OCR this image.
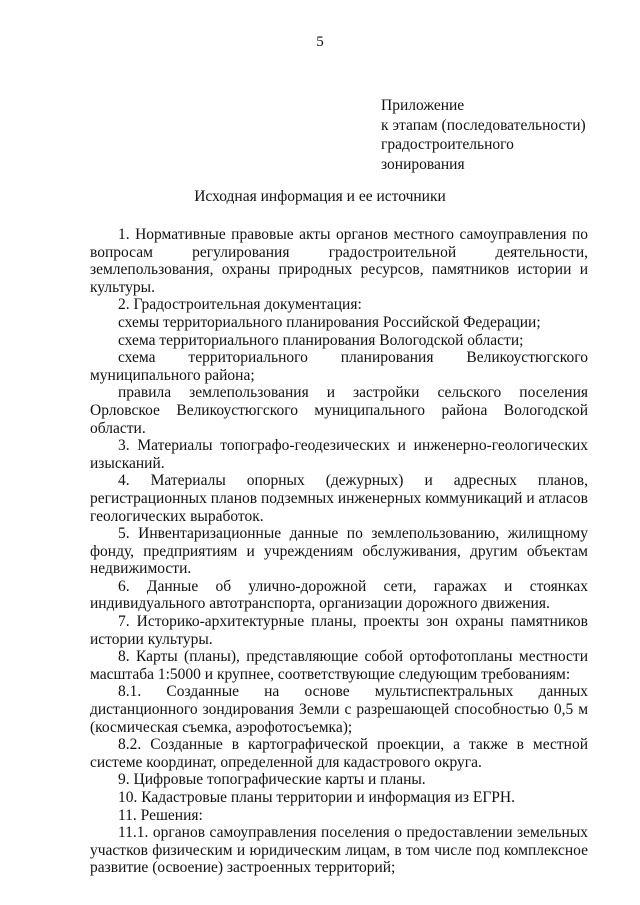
5
Приложение
к этапам (последовательности)
градостроительного
зонирования
Исходная информация и ее источники

1. Нормативные правовые акты органов местного самоуправления по вопросам регулирования градостроительной деятельности, землепользования, охраны природных ресурсов, памятников истории и культуры.

2. Градостроительная документация:

схемы территориального планирования Российской Федерации;

схема территориального планирования Вологодской области;

схема территориального планирования Великоустюгского муниципального района;

правила землепользования и застройки сельского поселения Орловское Великоустюгского муниципального района Вологодской области.

3. Материалы топографо-геодезических и инженерно-геологических изысканий.

4. Материалы опорных (дежурных) и адресных планов, регистрационных планов подземных инженерных коммуникаций и атласов геологических выработок.

5. Инвентаризационные данные по землепользованию, жилищному фонду, предприятиям и учреждениям обслуживания, другим объектам недвижимости.

6. Данные об улично-дорожной сети, гаражах и стоянках индивидуального автотранспорта, организации дорожного движения.

7. Историко-архитектурные планы, проекты зон охраны памятников истории культуры.

8. Карты (планы), представляющие собой ортофотопланы местности масштаба 1:5000 и крупнее, соответствующие следующим требованиям:

8.1. Созданные на основе мультиспектральных данных дистанционного зондирования Земли с разрешающей способностью 0,5 м (космическая съемка, аэрофотосъемка);

8.2. Созданные в картографической проекции, а также в местной системе координат, определенной для кадастрового округа.

9. Цифровые топографические карты и планы.

10. Кадастровые планы территории и информация из ЕГРН.

11. Решения:

11.1. органов самоуправления поселения о предоставлении земельных участков физическим и юридическим лицам, в том числе под комплексное развитие (освоение) застроенных территорий;
